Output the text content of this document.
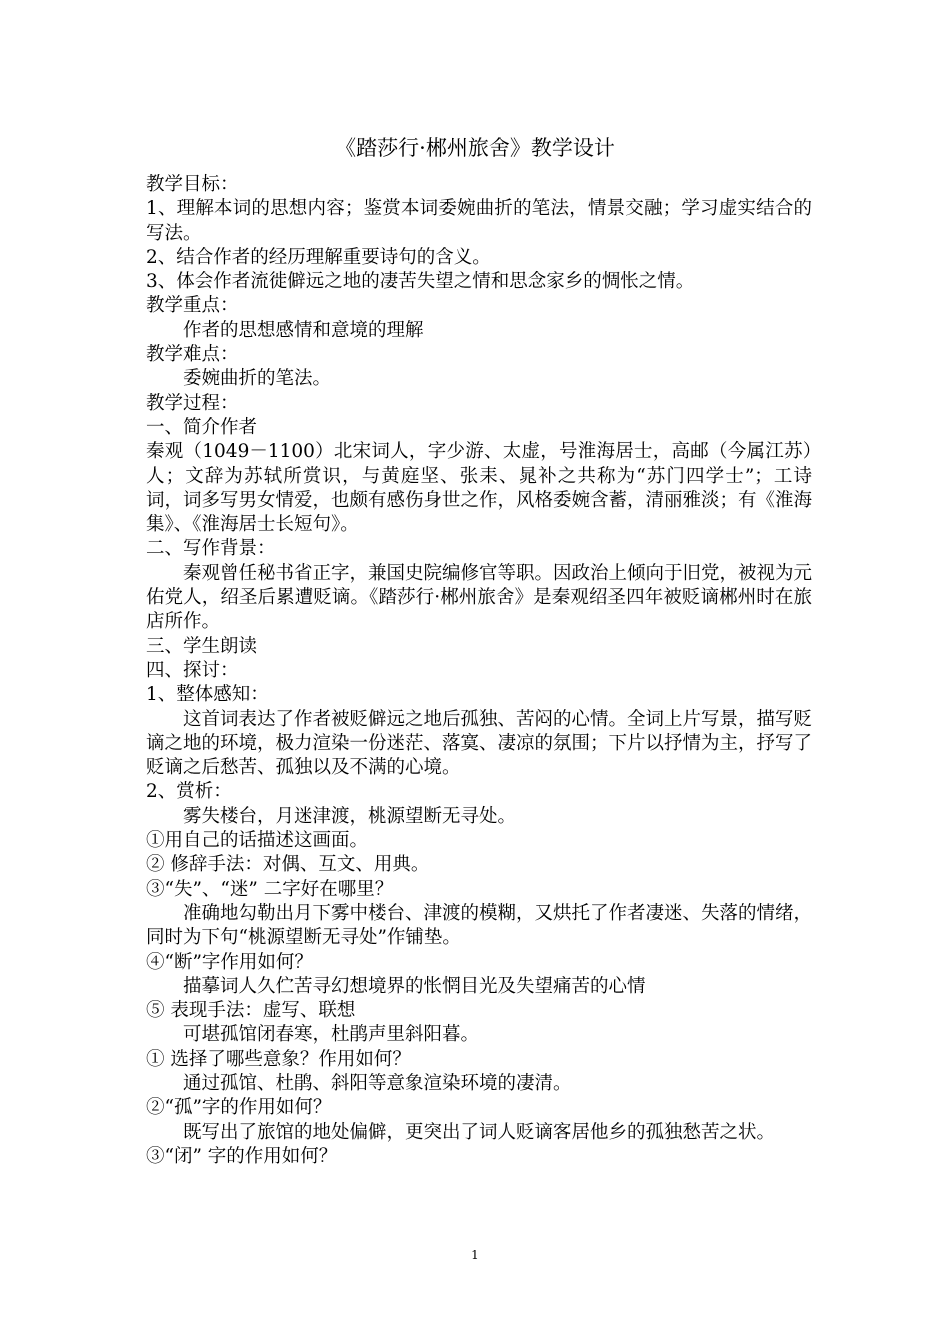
《踏莎行·郴州旅舍》教学设计
教学目标：
1、理解本词的思想内容；鉴赏本词委婉曲折的笔法，情景交融；学习虚实结合的写法。
2、结合作者的经历理解重要诗句的含义。
3、体会作者流徙僻远之地的凄苦失望之情和思念家乡的惆怅之情。
教学重点：
作者的思想感情和意境的理解
教学难点：
委婉曲折的笔法。
教学过程：
一、简介作者
秦观（1049－1100）北宋词人，字少游、太虚，号淮海居士，高邮（今属江苏）人；文辞为苏轼所赏识，与黄庭坚、张耒、晁补之共称为“苏门四学士”；工诗词，词多写男女情爱，也颇有感伤身世之作，风格委婉含蓄，清丽雅淡；有《淮海集》、《淮海居士长短句》。
二、写作背景：
秦观曾任秘书省正字，兼国史院编修官等职。因政治上倾向于旧党，被视为元佑党人，绍圣后累遭贬谪。《踏莎行·郴州旅舍》是秦观绍圣四年被贬谪郴州时在旅店所作。
三、学生朗读
四、探讨：
1、整体感知：
这首词表达了作者被贬僻远之地后孤独、苦闷的心情。全词上片写景，描写贬谪之地的环境，极力渲染一份迷茫、落寞、凄凉的氛围；下片以抒情为主，抒写了贬谪之后愁苦、孤独以及不满的心境。
2、赏析：
雾失楼台，月迷津渡，桃源望断无寻处。
①用自己的话描述这画面。
② 修辞手法：对偶、互文、用典。
③“失”、“迷” 二字好在哪里？
准确地勾勒出月下雾中楼台、津渡的模糊，又烘托了作者凄迷、失落的情绪，同时为下句“桃源望断无寻处”作铺垫。
④“断”字作用如何？
描摹词人久伫苦寻幻想境界的怅惘目光及失望痛苦的心情
⑤ 表现手法：虚写、联想
可堪孤馆闭春寒，杜鹃声里斜阳暮。
① 选择了哪些意象？作用如何？
通过孤馆、杜鹃、斜阳等意象渲染环境的凄清。
②“孤”字的作用如何？
既写出了旅馆的地处偏僻，更突出了词人贬谪客居他乡的孤独愁苦之状。
③“闭” 字的作用如何？
1
